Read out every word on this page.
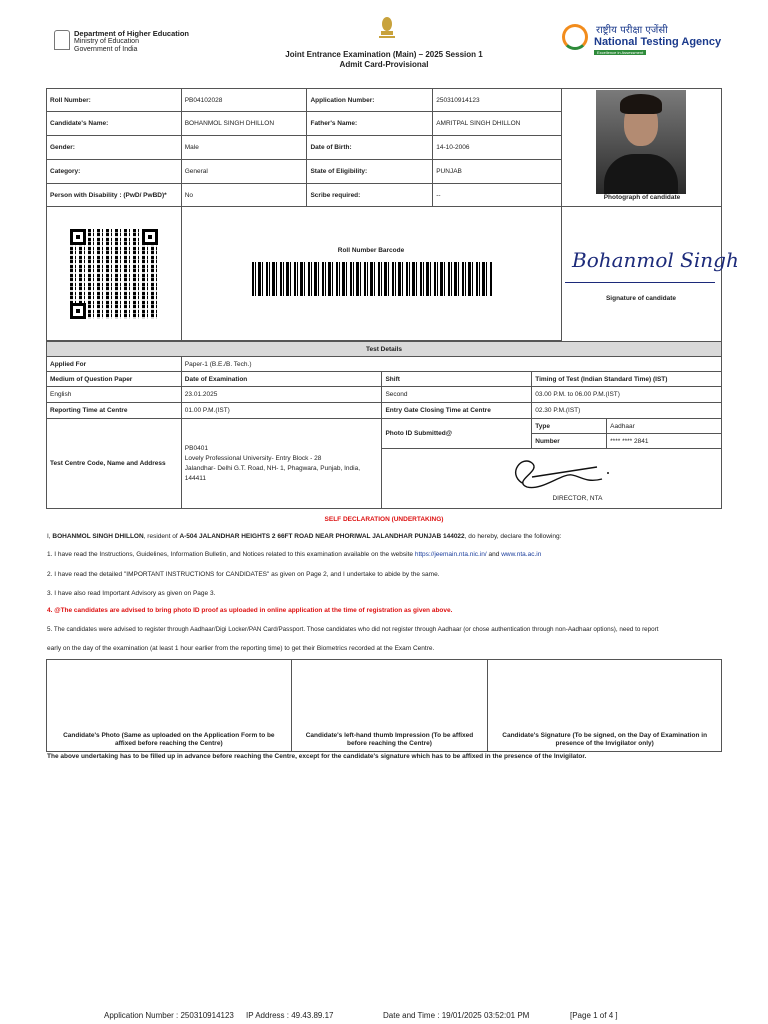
Department of Higher Education
Ministry of Education
Government of India
Joint Entrance Examination (Main) – 2025 Session 1
Admit Card-Provisional
राष्ट्रीय परीक्षा एजेंसी
National Testing Agency
Excellence in Assessment
Roll Number:	PB04102028	Application Number:	250310914123
Candidate's Name:	BOHANMOL SINGH DHILLON	Father's Name:	AMRITPAL SINGH DHILLON
Gender:	Male	Date of Birth:	14-10-2006
Category:	General	State of Eligibility:	PUNJAB
Person with Disability : (PwD/ PwBD)*	No	Scribe required:	--
		Photograph of candidate
Roll Number Barcode	Bohanmol Singh
Signature of candidate
Test Details				
Applied For	Paper-1 (B.E./B. Tech.)			
Medium of Question Paper	Date of Examination	Shift	Timing of Test (Indian Standard Time) (IST)	
English	23.01.2025	Second	03.00 P.M. to 06.00 P.M.(IST)	
Reporting Time at Centre	01.00 P.M.(IST)	Entry Gate Closing Time at Centre	02.30 P.M.(IST)	
Test Centre Code, Name and Address	PB0401
Lovely Professional University- Entry Block - 28
Jalandhar- Delhi G.T. Road, NH- 1, Phagwara, Punjab, India,
144411	Photo ID Submitted@	Type	Aadhaar
			Number	**** **** 2841

		DIRECTOR, NTA		
SELF DECLARATION (UNDERTAKING)
I, BOHANMOL SINGH DHILLON, resident of A-504 JALANDHAR HEIGHTS 2 66FT ROAD NEAR PHORIWAL JALANDHAR PUNJAB 144022, do hereby, declare the following:
1. I have read the Instructions, Guidelines, Information Bulletin, and Notices related to this examination available on the website https://jeemain.nta.nic.in/ and www.nta.ac.in
2. I have read the detailed "IMPORTANT INSTRUCTIONS for CANDIDATES" as given on Page 2, and I undertake to abide by the same.
3. I have also read Important Advisory as given on Page 3.
4. @The candidates are advised to bring photo ID proof as uploaded in online application at the time of registration as given above.
5. The candidates were advised to register through Aadhaar/Digi Locker/PAN Card/Passport. Those candidates who did not register through Aadhaar (or chose authentication through non-Aadhaar options), need to report
early on the day of the examination (at least 1 hour earlier from the reporting time) to get their Biometrics recorded at the Exam Centre.
Candidate's Photo (Same as uploaded on the Application Form to be affixed before reaching the Centre)	Candidate's left-hand thumb Impression (To be affixed before reaching the Centre)	Candidate's Signature (To be signed, on the Day of Examination in presence of the Invigilator only)
The above undertaking has to be filled up in advance before reaching the Centre, except for the candidate's signature which has to be affixed in the presence of the Invigilator.
Application Number : 250310914123 IP Address : 49.43.89.17	Date and Time : 19/01/2025 03:52:01 PM	[Page 1 of 4 ]
